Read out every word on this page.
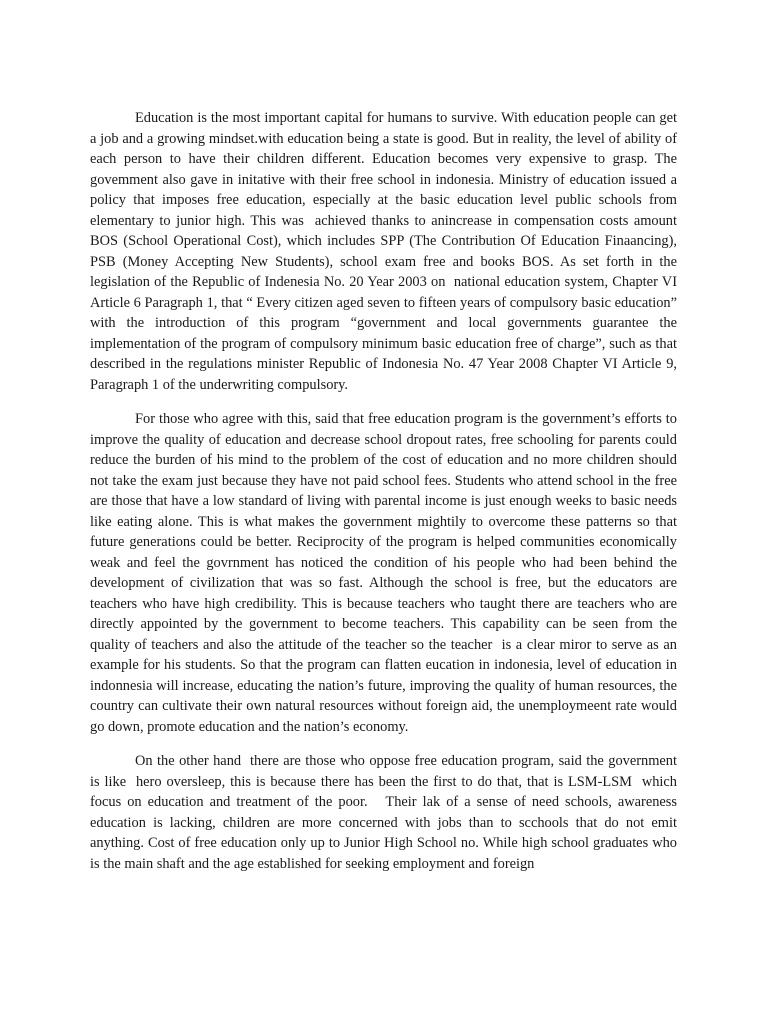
Education is the most important capital for humans to survive. With education people can get a job and a growing mindset.with education being a state is good. But in reality, the level of ability of each person to have their children different. Education becomes very expensive to grasp. The govemment also gave in initative with their free school in indonesia. Ministry of education issued a policy that imposes free education, especially at the basic education level public schools from elementary to junior high. This was  achieved thanks to anincrease in compensation costs amount BOS (School Operational Cost), which includes SPP (The Contribution Of Education Finaancing), PSB (Money Accepting New Students), school exam free and books BOS. As set forth in the legislation of the Republic of Indenesia No. 20 Year 2003 on  national education system, Chapter VI Article 6 Paragraph 1, that “ Every citizen aged seven to fifteen years of compulsory basic education” with the introduction of this program “government and local governments guarantee the implementation of the program of compulsory minimum basic education free of charge”, such as that described in the regulations minister Republic of Indonesia No. 47 Year 2008 Chapter VI Article 9, Paragraph 1 of the underwriting compulsory.

For those who agree with this, said that free education program is the government’s efforts to improve the quality of education and decrease school dropout rates, free schooling for parents could reduce the burden of his mind to the problem of the cost of education and no more children should not take the exam just because they have not paid school fees. Students who attend school in the free are those that have a low standard of living with parental income is just enough weeks to basic needs like eating alone. This is what makes the government mightily to overcome these patterns so that future generations could be better. Reciprocity of the program is helped communities economically weak and feel the govrnment has noticed the condition of his people who had been behind the development of civilization that was so fast. Although the school is free, but the educators are teachers who have high credibility. This is because teachers who taught there are teachers who are directly appointed by the government to become teachers. This capability can be seen from the quality of teachers and also the attitude of the teacher so the teacher  is a clear miror to serve as an example for his students. So that the program can flatten eucation in indonesia, level of education in indonnesia will increase, educating the nation’s future, improving the quality of human resources, the country can cultivate their own natural resources without foreign aid, the unemploymeent rate would go down, promote education and the nation’s economy.

On the other hand  there are those who oppose free education program, said the government is like  hero oversleep, this is because there has been the first to do that, that is LSM-LSM  which focus on education and treatment of the poor.   Their lak of a sense of need schools, awareness education is lacking, children are more concerned with jobs than to scchools that do not emit anything. Cost of free education only up to Junior High School no. While high school graduates who is the main shaft and the age established for seeking employment and foreign
